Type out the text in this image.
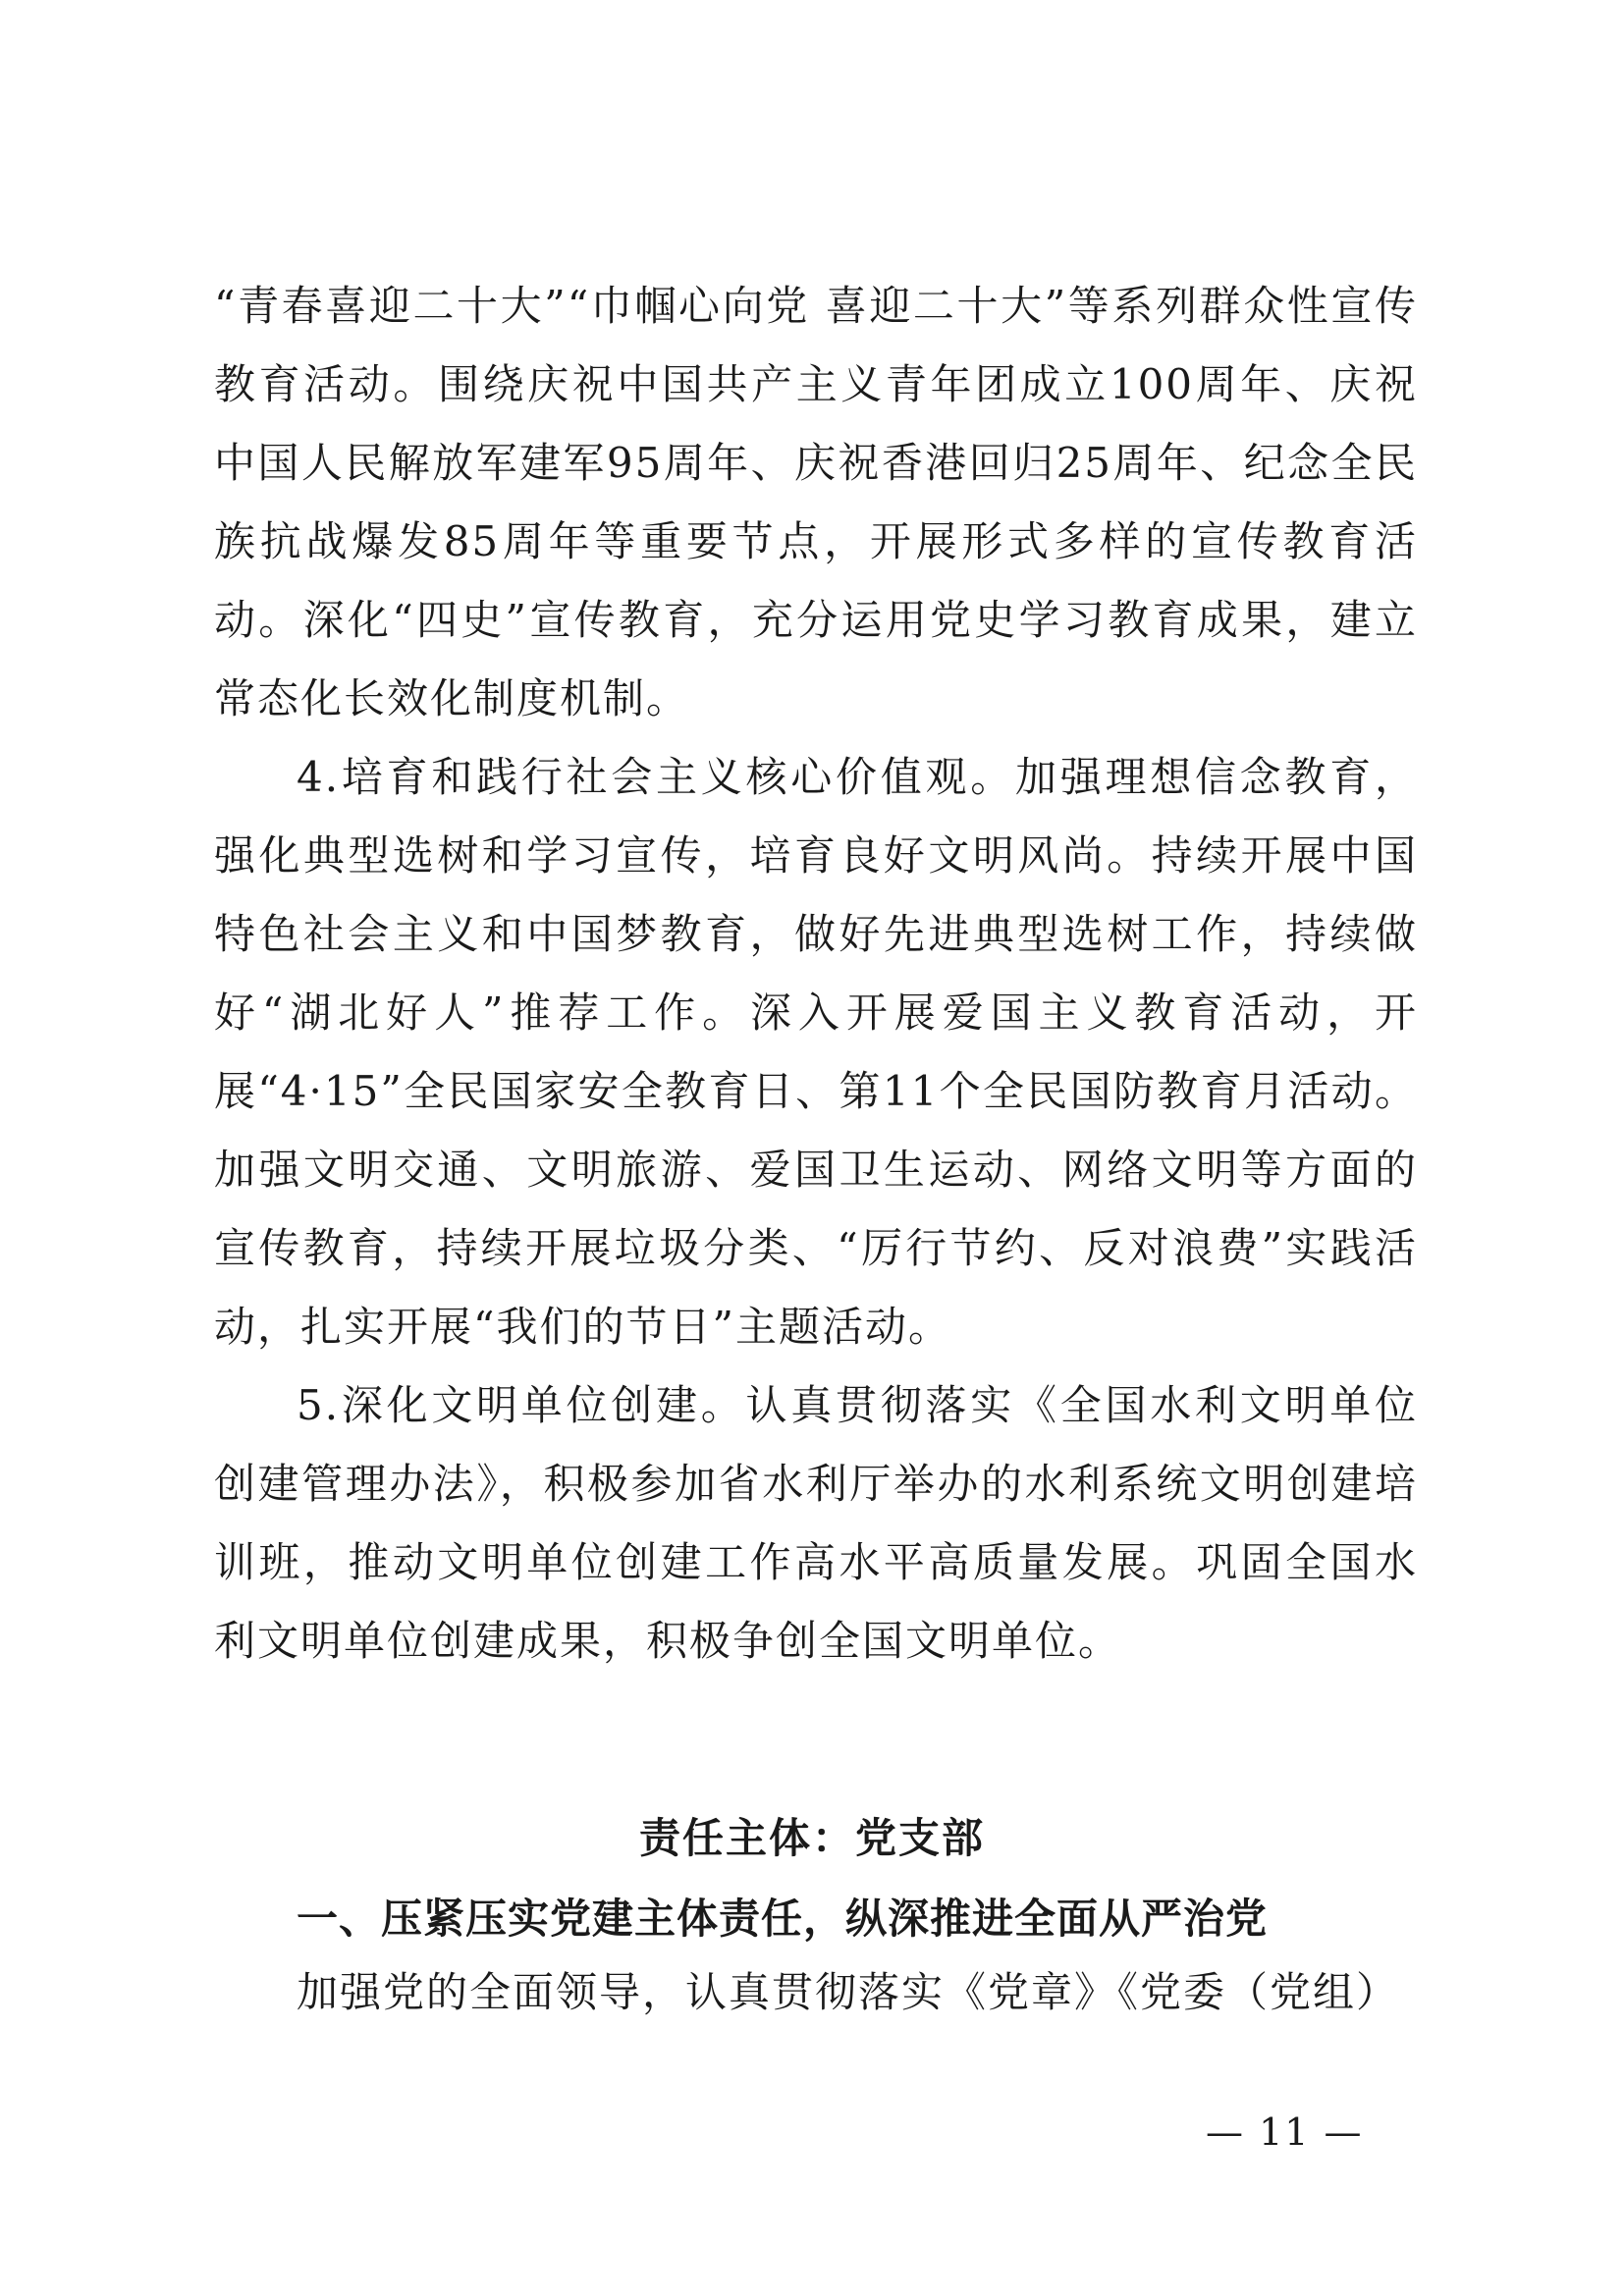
“青春喜迎二十大”“巾帼心向党 喜迎二十大”等系列群众性宣传教育活动。围绕庆祝中国共产主义青年团成立100周年、庆祝中国人民解放军建军95周年、庆祝香港回归25周年、纪念全民族抗战爆发85周年等重要节点，开展形式多样的宣传教育活动。深化“四史”宣传教育，充分运用党史学习教育成果，建立常态化长效化制度机制。

4.培育和践行社会主义核心价值观。加强理想信念教育，强化典型选树和学习宣传，培育良好文明风尚。持续开展中国特色社会主义和中国梦教育，做好先进典型选树工作，持续做好“湖北好人”推荐工作。深入开展爱国主义教育活动，开展“4·15”全民国家安全教育日、第11个全民国防教育月活动。加强文明交通、文明旅游、爱国卫生运动、网络文明等方面的宣传教育，持续开展垃圾分类、“厉行节约、反对浪费”实践活动，扎实开展“我们的节日”主题活动。

5.深化文明单位创建。认真贯彻落实《全国水利文明单位创建管理办法》，积极参加省水利厅举办的水利系统文明创建培训班，推动文明单位创建工作高水平高质量发展。巩固全国水利文明单位创建成果，积极争创全国文明单位。

责任主体：党支部

一、压紧压实党建主体责任，纵深推进全面从严治党

加强党的全面领导，认真贯彻落实《党章》《党委（党组）

— 11 —
